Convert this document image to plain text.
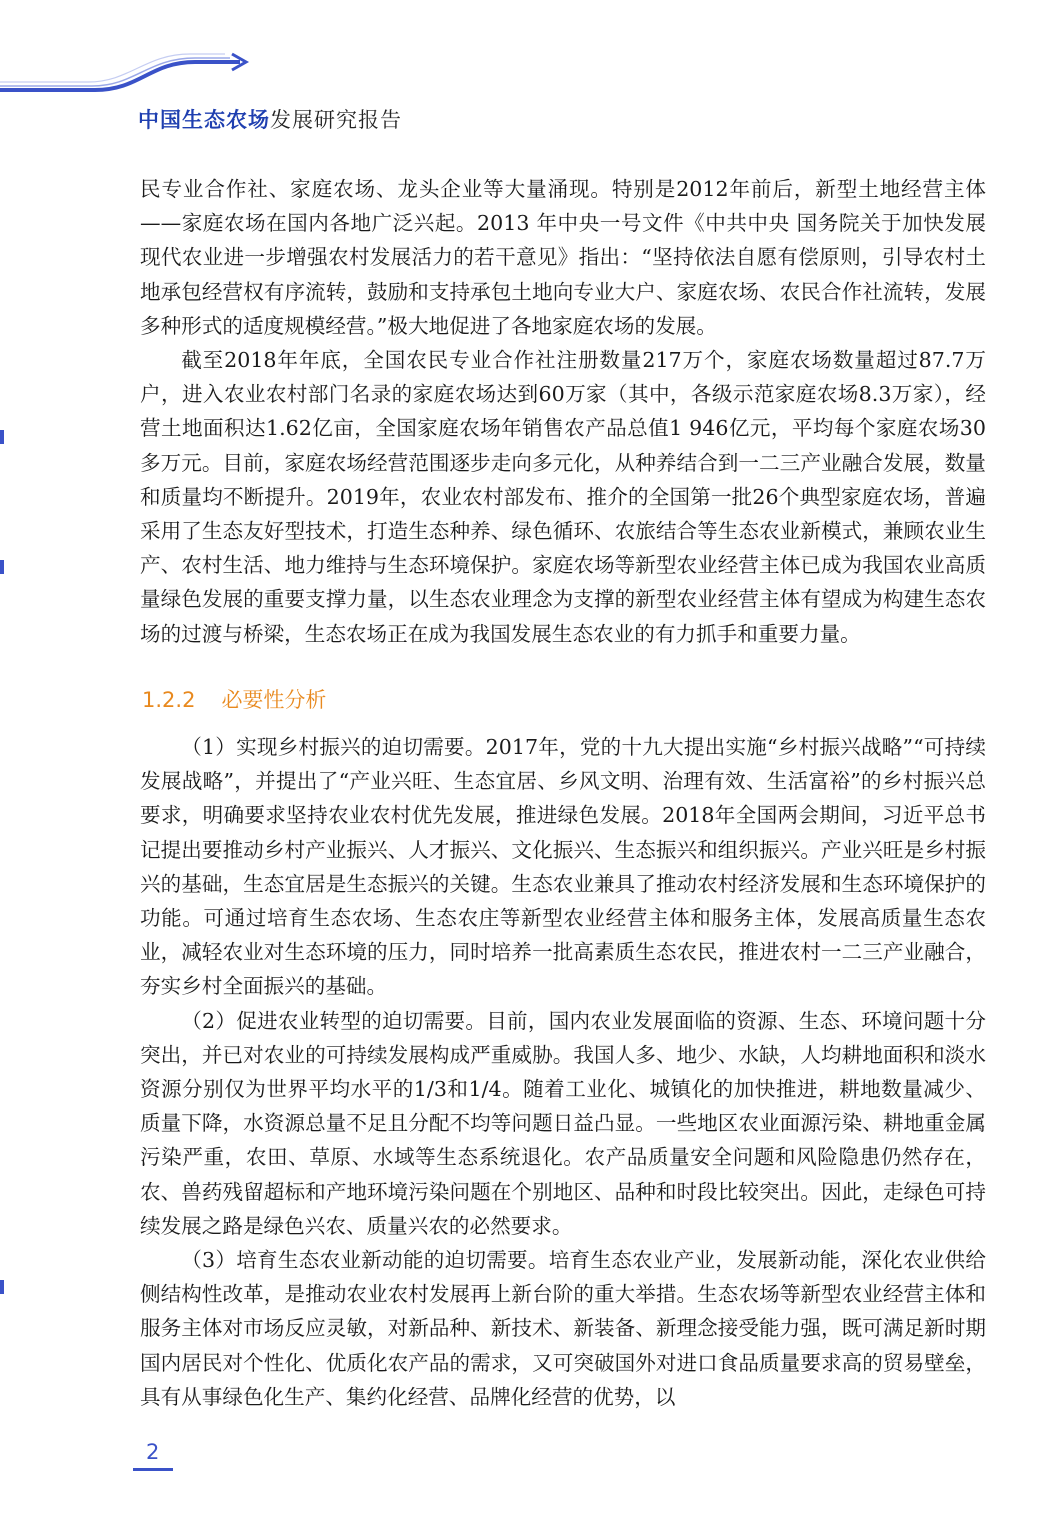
中国生态农场发展研究报告

民专业合作社、家庭农场、龙头企业等大量涌现。特别是2012年前后，新型土地经营主体——家庭农场在国内各地广泛兴起。2013 年中央一号文件《中共中央 国务院关于加快发展现代农业进一步增强农村发展活力的若干意见》指出：“坚持依法自愿有偿原则，引导农村土地承包经营权有序流转，鼓励和支持承包土地向专业大户、家庭农场、农民合作社流转，发展多种形式的适度规模经营。”极大地促进了各地家庭农场的发展。

截至2018年年底，全国农民专业合作社注册数量217万个，家庭农场数量超过87.7万户，进入农业农村部门名录的家庭农场达到60万家（其中，各级示范家庭农场8.3万家），经营土地面积达1.62亿亩，全国家庭农场年销售农产品总值1 946亿元，平均每个家庭农场30多万元。目前，家庭农场经营范围逐步走向多元化，从种养结合到一二三产业融合发展，数量和质量均不断提升。2019年，农业农村部发布、推介的全国第一批26个典型家庭农场，普遍采用了生态友好型技术，打造生态种养、绿色循环、农旅结合等生态农业新模式，兼顾农业生产、农村生活、地力维持与生态环境保护。家庭农场等新型农业经营主体已成为我国农业高质量绿色发展的重要支撑力量，以生态农业理念为支撑的新型农业经营主体有望成为构建生态农场的过渡与桥梁，生态农场正在成为我国发展生态农业的有力抓手和重要力量。

1.2.2 必要性分析

（1）实现乡村振兴的迫切需要。2017年，党的十九大提出实施“乡村振兴战略”“可持续发展战略”，并提出了“产业兴旺、生态宜居、乡风文明、治理有效、生活富裕”的乡村振兴总要求，明确要求坚持农业农村优先发展，推进绿色发展。2018年全国两会期间，习近平总书记提出要推动乡村产业振兴、人才振兴、文化振兴、生态振兴和组织振兴。产业兴旺是乡村振兴的基础，生态宜居是生态振兴的关键。生态农业兼具了推动农村经济发展和生态环境保护的功能。可通过培育生态农场、生态农庄等新型农业经营主体和服务主体，发展高质量生态农业，减轻农业对生态环境的压力，同时培养一批高素质生态农民，推进农村一二三产业融合，夯实乡村全面振兴的基础。

（2）促进农业转型的迫切需要。目前，国内农业发展面临的资源、生态、环境问题十分突出，并已对农业的可持续发展构成严重威胁。我国人多、地少、水缺，人均耕地面积和淡水资源分别仅为世界平均水平的1/3和1/4。随着工业化、城镇化的加快推进，耕地数量减少、质量下降，水资源总量不足且分配不均等问题日益凸显。一些地区农业面源污染、耕地重金属污染严重，农田、草原、水域等生态系统退化。农产品质量安全问题和风险隐患仍然存在，农、兽药残留超标和产地环境污染问题在个别地区、品种和时段比较突出。因此，走绿色可持续发展之路是绿色兴农、质量兴农的必然要求。

（3）培育生态农业新动能的迫切需要。培育生态农业产业，发展新动能，深化农业供给侧结构性改革，是推动农业农村发展再上新台阶的重大举措。生态农场等新型农业经营主体和服务主体对市场反应灵敏，对新品种、新技术、新装备、新理念接受能力强，既可满足新时期国内居民对个性化、优质化农产品的需求，又可突破国外对进口食品质量要求高的贸易壁垒，具有从事绿色化生产、集约化经营、品牌化经营的优势，以

2
